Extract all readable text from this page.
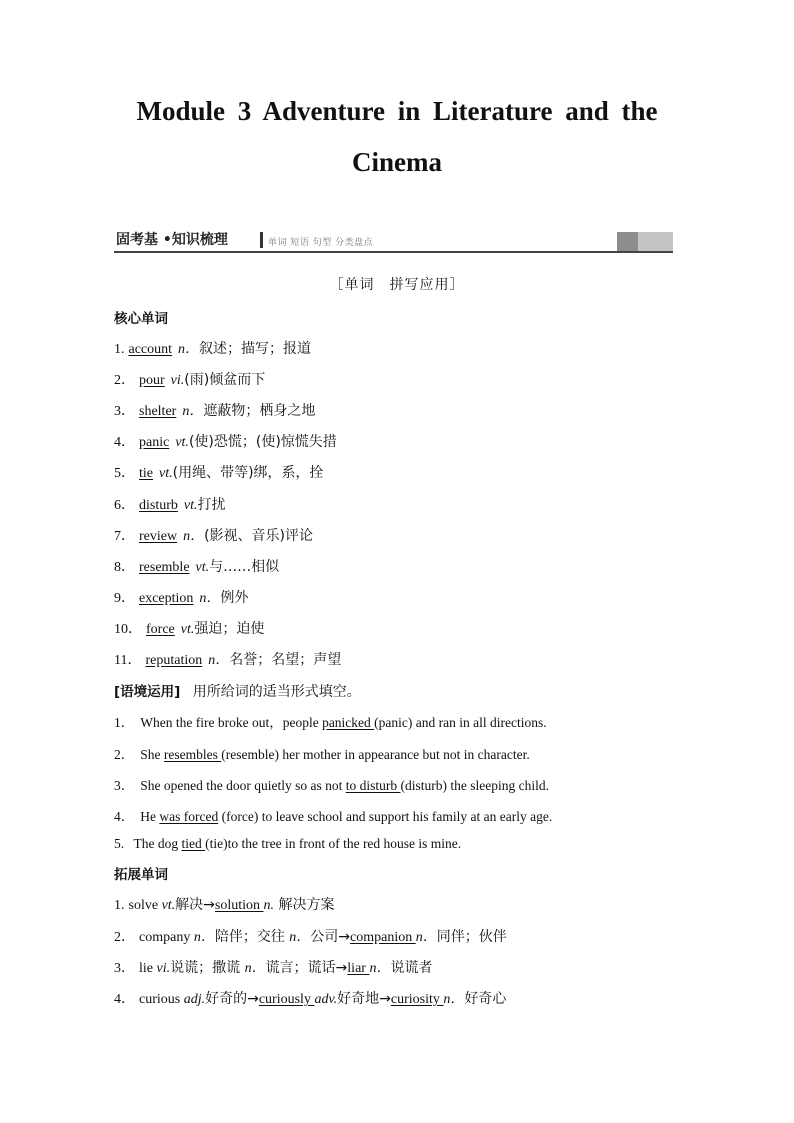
Module 3 Adventure in Literature and the
Cinema
固考基 •知识梳理	单词 短语 句型 分类盘点
［单词　拼写应用］
核心单词
1. account n．叙述；描写；报道
2． pour vi.(雨)倾盆而下
3． shelter n．遮蔽物；栖身之地
4． panic vt.(使)恐慌；(使)惊慌失措
5． tie vt.(用绳、带等)绑，系，拴
6． disturb vt.打扰
7． review n．(影视、音乐)评论
8． resemble vt.与……相似
9． exception n．例外
10． force vt.强迫；迫使
11． reputation n．名誉；名望；声望
[语境运用] 用所给词的适当形式填空。
1． When the fire broke out，people panicked (panic) and ran in all directions.
2． She resembles (resemble) her mother in appearance but not in character.
3． She opened the door quietly so as not to disturb (disturb) the sleeping child.
4． He was forced (force) to leave school and support his family at an early age.
5. The dog tied (tie)to the tree in front of the red house is mine.
拓展单词
1. solve vt.解决→solution n. 解决方案
2． company n．陪伴；交往 n．公司→companion n．同伴；伙伴
3． lie vi.说谎；撒谎 n．谎言；谎话→liar n．说谎者
4． curious adj.好奇的→curiously adv.好奇地→curiosity n．好奇心
